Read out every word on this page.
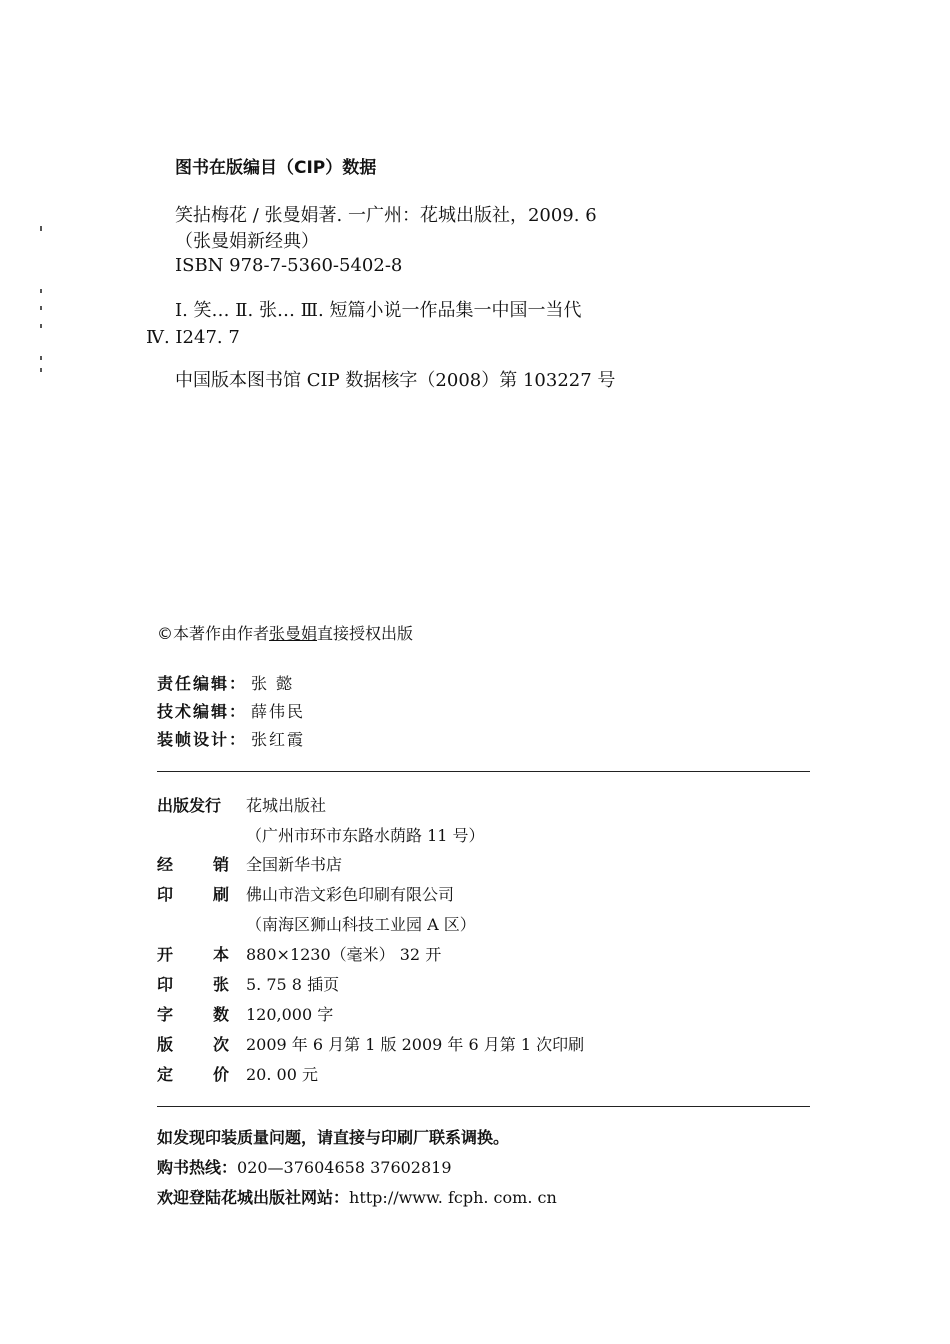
图书在版编目（CIP）数据
笑拈梅花 / 张曼娟著. 一广州：花城出版社，2009. 6
（张曼娟新经典）
ISBN 978-7-5360-5402-8
Ⅰ. 笑… Ⅱ. 张… Ⅲ. 短篇小说一作品集一中国一当代
Ⅳ. I247. 7
中国版本图书馆 CIP 数据核字（2008）第 103227 号
©本著作由作者张曼娟直接授权出版
责任编辑： 张 懿
技术编辑： 薛伟民
装帧设计： 张红霞
出版发行	花城出版社
（广州市环市东路水荫路 11 号）
经 销 全国新华书店
印 刷 佛山市浩文彩色印刷有限公司
（南海区狮山科技工业园 A 区）
开 本 880×1230（毫米） 32 开
印 张 5. 75 8 插页
字 数 120,000 字
版 次 2009 年 6 月第 1 版 2009 年 6 月第 1 次印刷
定 价 20. 00 元
如发现印装质量问题，请直接与印刷厂联系调换。
购书热线：020—37604658 37602819
欢迎登陆花城出版社网站：http://www. fcph. com. cn
